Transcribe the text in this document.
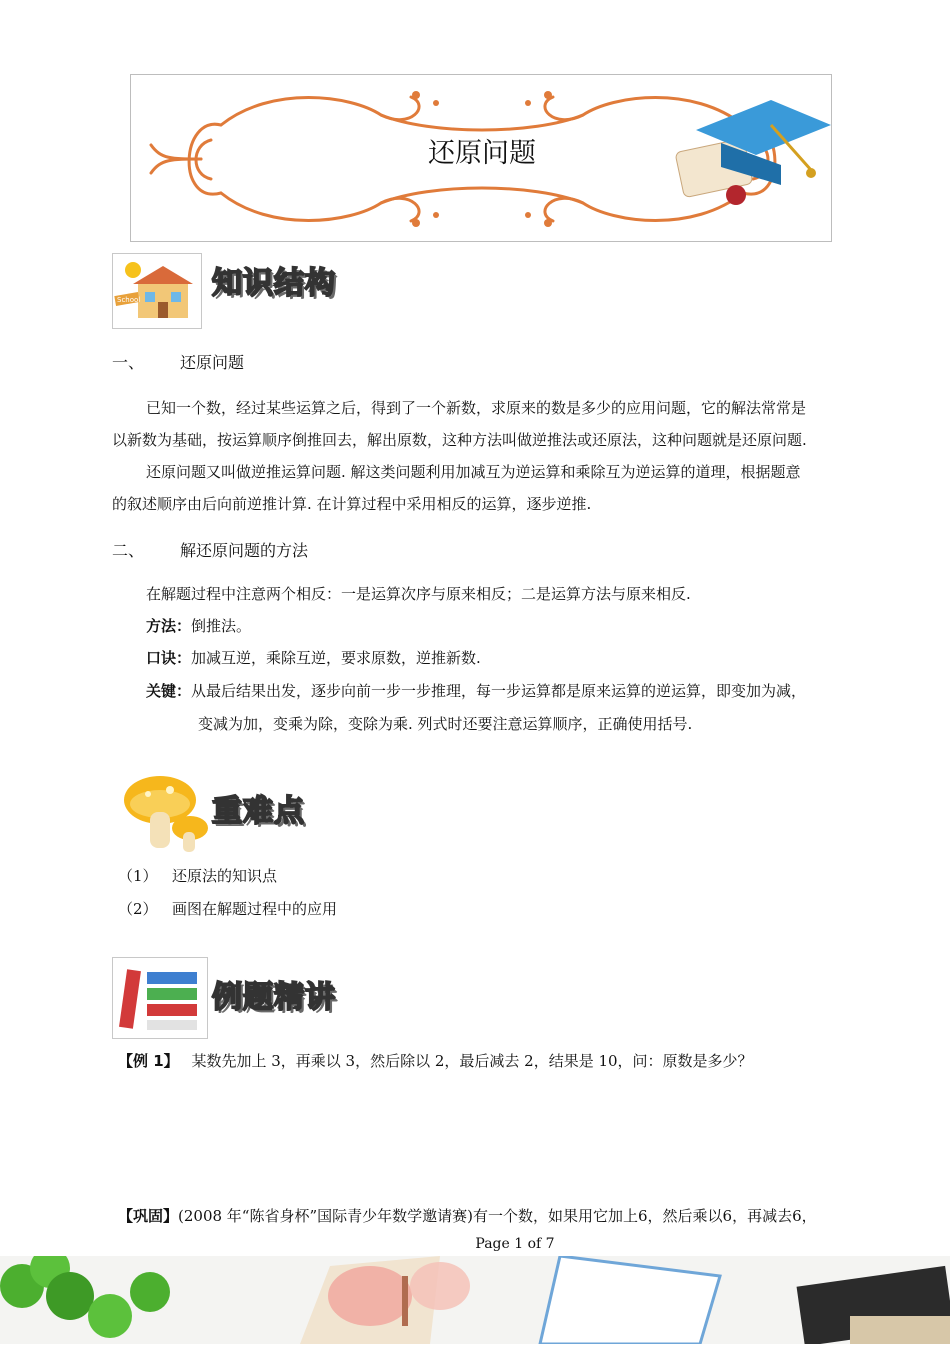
还原问题
School 知识结构
一、 还原问题
已知一个数，经过某些运算之后，得到了一个新数，求原来的数是多少的应用问题，它的解法常常是
以新数为基础，按运算顺序倒推回去，解出原数，这种方法叫做逆推法或还原法，这种问题就是还原问题.
还原问题又叫做逆推运算问题. 解这类问题利用加减互为逆运算和乘除互为逆运算的道理，根据题意
的叙述顺序由后向前逆推计算. 在计算过程中采用相反的运算，逐步逆推.
二、 解还原问题的方法
在解题过程中注意两个相反：一是运算次序与原来相反；二是运算方法与原来相反.
方法：倒推法。
口诀：加减互逆，乘除互逆，要求原数，逆推新数.
关键：从最后结果出发，逐步向前一步一步推理，每一步运算都是原来运算的逆运算，即变加为减，
变减为加，变乘为除，变除为乘. 列式时还要注意运算顺序，正确使用括号.
重难点
（1） 还原法的知识点
（2） 画图在解题过程中的应用
例题精讲
【例 1】 某数先加上 3，再乘以 3，然后除以 2，最后减去 2，结果是 10，问：原数是多少？
【巩固】(2008 年“陈省身杯”国际青少年数学邀请赛)有一个数，如果用它加上6，然后乘以6，再减去6，
Page 1 of 7
